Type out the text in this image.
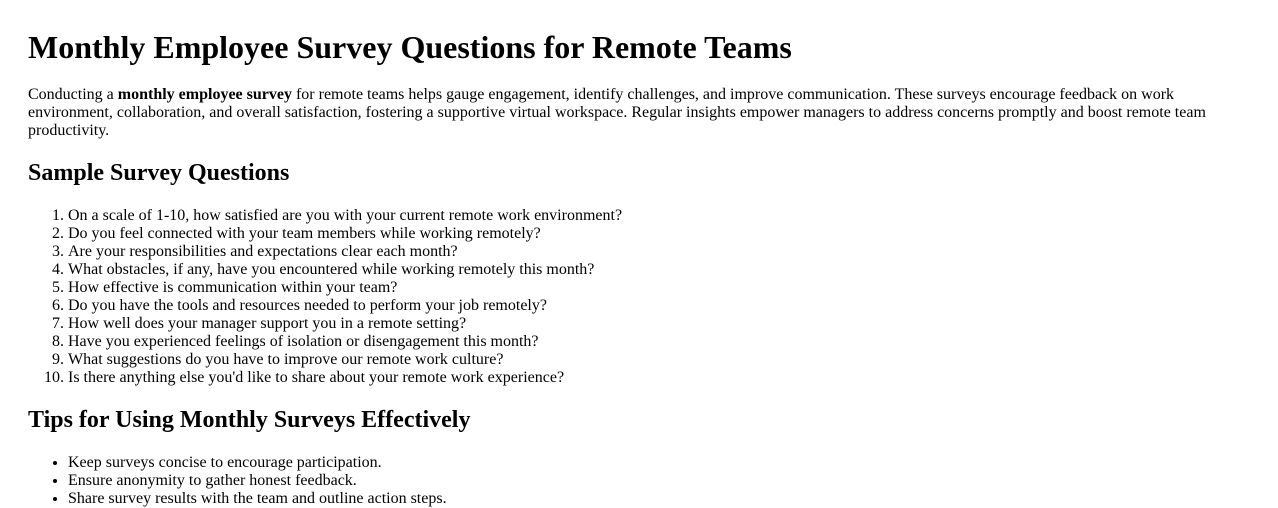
Monthly Employee Survey Questions for Remote Teams

Conducting a monthly employee survey for remote teams helps gauge engagement, identify challenges, and improve communication. These surveys encourage feedback on work environment, collaboration, and overall satisfaction, fostering a supportive virtual workspace. Regular insights empower managers to address concerns promptly and boost remote team productivity.

Sample Survey Questions
1. On a scale of 1-10, how satisfied are you with your current remote work environment?
2. Do you feel connected with your team members while working remotely?
3. Are your responsibilities and expectations clear each month?
4. What obstacles, if any, have you encountered while working remotely this month?
5. How effective is communication within your team?
6. Do you have the tools and resources needed to perform your job remotely?
7. How well does your manager support you in a remote setting?
8. Have you experienced feelings of isolation or disengagement this month?
9. What suggestions do you have to improve our remote work culture?
10. Is there anything else you'd like to share about your remote work experience?
Tips for Using Monthly Surveys Effectively
• Keep surveys concise to encourage participation.
• Ensure anonymity to gather honest feedback.
• Share survey results with the team and outline action steps.
